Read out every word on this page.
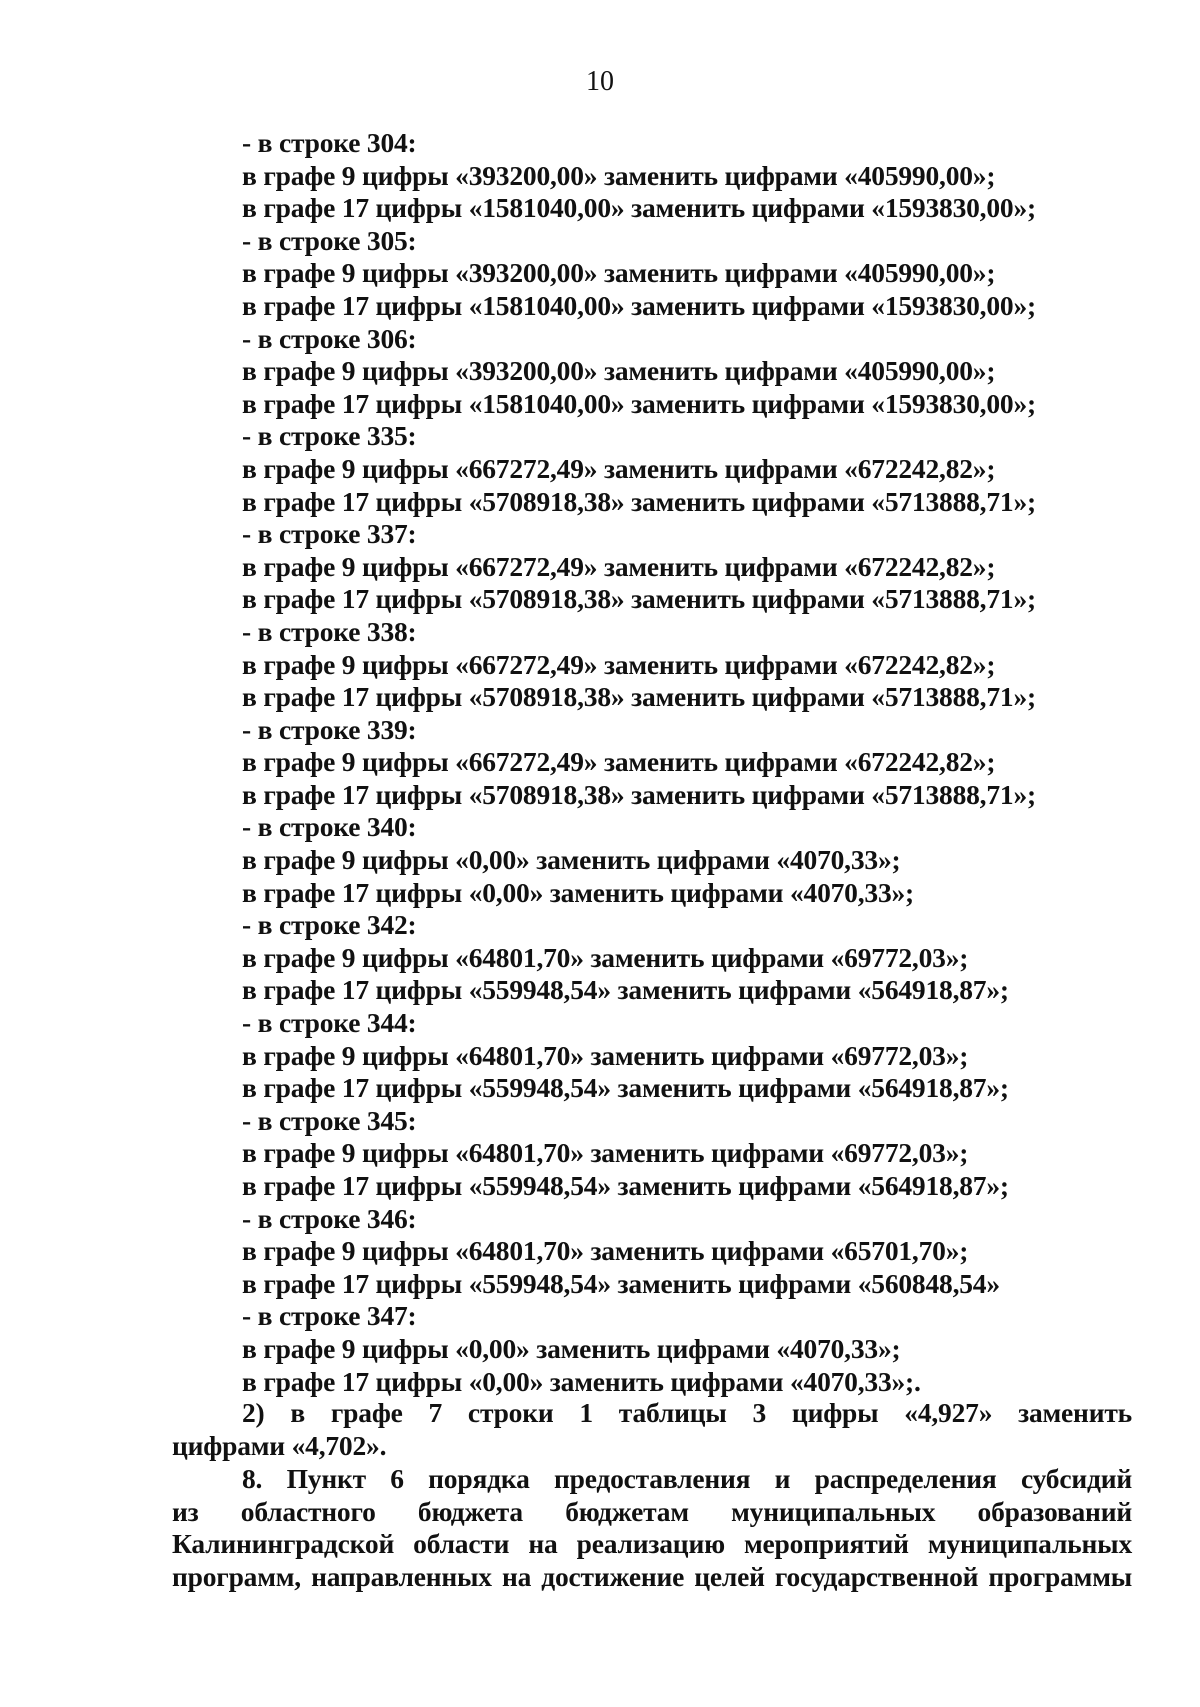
10
- в строке 304:
в графе 9 цифры «393200,00» заменить цифрами «405990,00»;
в графе 17 цифры «1581040,00» заменить цифрами «1593830,00»;
- в строке 305:
в графе 9 цифры «393200,00» заменить цифрами «405990,00»;
в графе 17 цифры «1581040,00» заменить цифрами «1593830,00»;
- в строке 306:
в графе 9 цифры «393200,00» заменить цифрами «405990,00»;
в графе 17 цифры «1581040,00» заменить цифрами «1593830,00»;
- в строке 335:
в графе 9 цифры «667272,49» заменить цифрами «672242,82»;
в графе 17 цифры «5708918,38» заменить цифрами «5713888,71»;
- в строке 337:
в графе 9 цифры «667272,49» заменить цифрами «672242,82»;
в графе 17 цифры «5708918,38» заменить цифрами «5713888,71»;
- в строке 338:
в графе 9 цифры «667272,49» заменить цифрами «672242,82»;
в графе 17 цифры «5708918,38» заменить цифрами «5713888,71»;
- в строке 339:
в графе 9 цифры «667272,49» заменить цифрами «672242,82»;
в графе 17 цифры «5708918,38» заменить цифрами «5713888,71»;
- в строке 340:
в графе 9 цифры «0,00» заменить цифрами «4070,33»;
в графе 17 цифры «0,00» заменить цифрами «4070,33»;
- в строке 342:
в графе 9 цифры «64801,70» заменить цифрами «69772,03»;
в графе 17 цифры «559948,54» заменить цифрами «564918,87»;
- в строке 344:
в графе 9 цифры «64801,70» заменить цифрами «69772,03»;
в графе 17 цифры «559948,54» заменить цифрами «564918,87»;
- в строке 345:
в графе 9 цифры «64801,70» заменить цифрами «69772,03»;
в графе 17 цифры «559948,54» заменить цифрами «564918,87»;
- в строке 346:
в графе 9 цифры «64801,70» заменить цифрами «65701,70»;
в графе 17 цифры «559948,54» заменить цифрами «560848,54»
- в строке 347:
в графе 9 цифры «0,00» заменить цифрами «4070,33»;
в графе 17 цифры «0,00» заменить цифрами «4070,33»;.
2) в графе 7 строки 1 таблицы 3 цифры «4,927» заменить
цифрами «4,702».
8. Пункт 6 порядка предоставления и распределения субсидий
из областного бюджета бюджетам муниципальных образований
Калининградской области на реализацию мероприятий муниципальных
программ, направленных на достижение целей государственной программы
